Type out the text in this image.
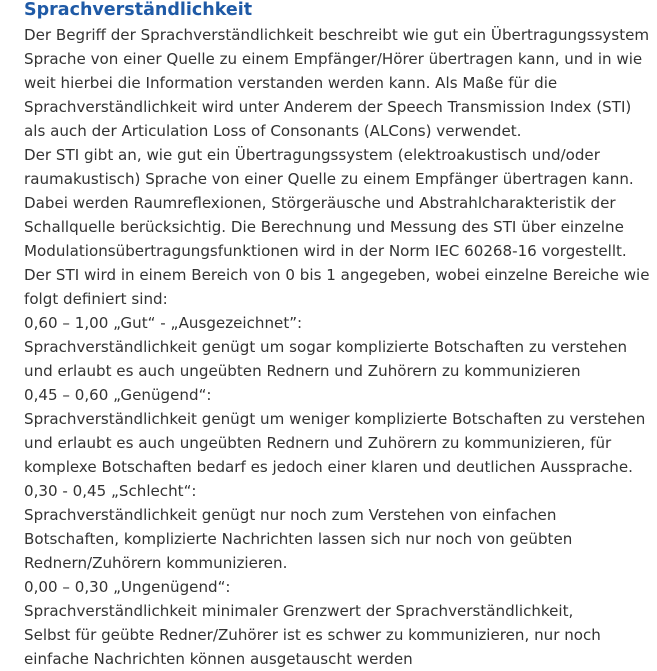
Sprachverständlichkeit
Der Begriff der Sprachverständlichkeit beschreibt wie gut ein Übertragungssystem
Sprache von einer Quelle zu einem Empfänger/Hörer übertragen kann, und in wie
weit hierbei die Information verstanden werden kann. Als Maße für die
Sprachverständlichkeit wird unter Anderem der Speech Transmission Index (STI)
als auch der Articulation Loss of Consonants (ALCons) verwendet.
Der STI gibt an, wie gut ein Übertragungssystem (elektroakustisch und/oder
raumakustisch) Sprache von einer Quelle zu einem Empfänger übertragen kann.
Dabei werden Raumreflexionen, Störgeräusche und Abstrahlcharakteristik der
Schallquelle berücksichtig. Die Berechnung und Messung des STI über einzelne
Modulationsübertragungsfunktionen wird in der Norm IEC 60268-16 vorgestellt.
Der STI wird in einem Bereich von 0 bis 1 angegeben, wobei einzelne Bereiche wie
folgt definiert sind:
0,60 – 1,00 „Gut“ - „Ausgezeichnet”:
Sprachverständlichkeit genügt um sogar komplizierte Botschaften zu verstehen
und erlaubt es auch ungeübten Rednern und Zuhörern zu kommunizieren
0,45 – 0,60 „Genügend“:
Sprachverständlichkeit genügt um weniger komplizierte Botschaften zu verstehen
und erlaubt es auch ungeübten Rednern und Zuhörern zu kommunizieren, für
komplexe Botschaften bedarf es jedoch einer klaren und deutlichen Aussprache.
0,30 - 0,45 „Schlecht“:
Sprachverständlichkeit genügt nur noch zum Verstehen von einfachen
Botschaften, komplizierte Nachrichten lassen sich nur noch von geübten
Rednern/Zuhörern kommunizieren.
0,00 – 0,30 „Ungenügend“:
Sprachverständlichkeit minimaler Grenzwert der Sprachverständlichkeit,
Selbst für geübte Redner/Zuhörer ist es schwer zu kommunizieren, nur noch
einfache Nachrichten können ausgetauscht werden
